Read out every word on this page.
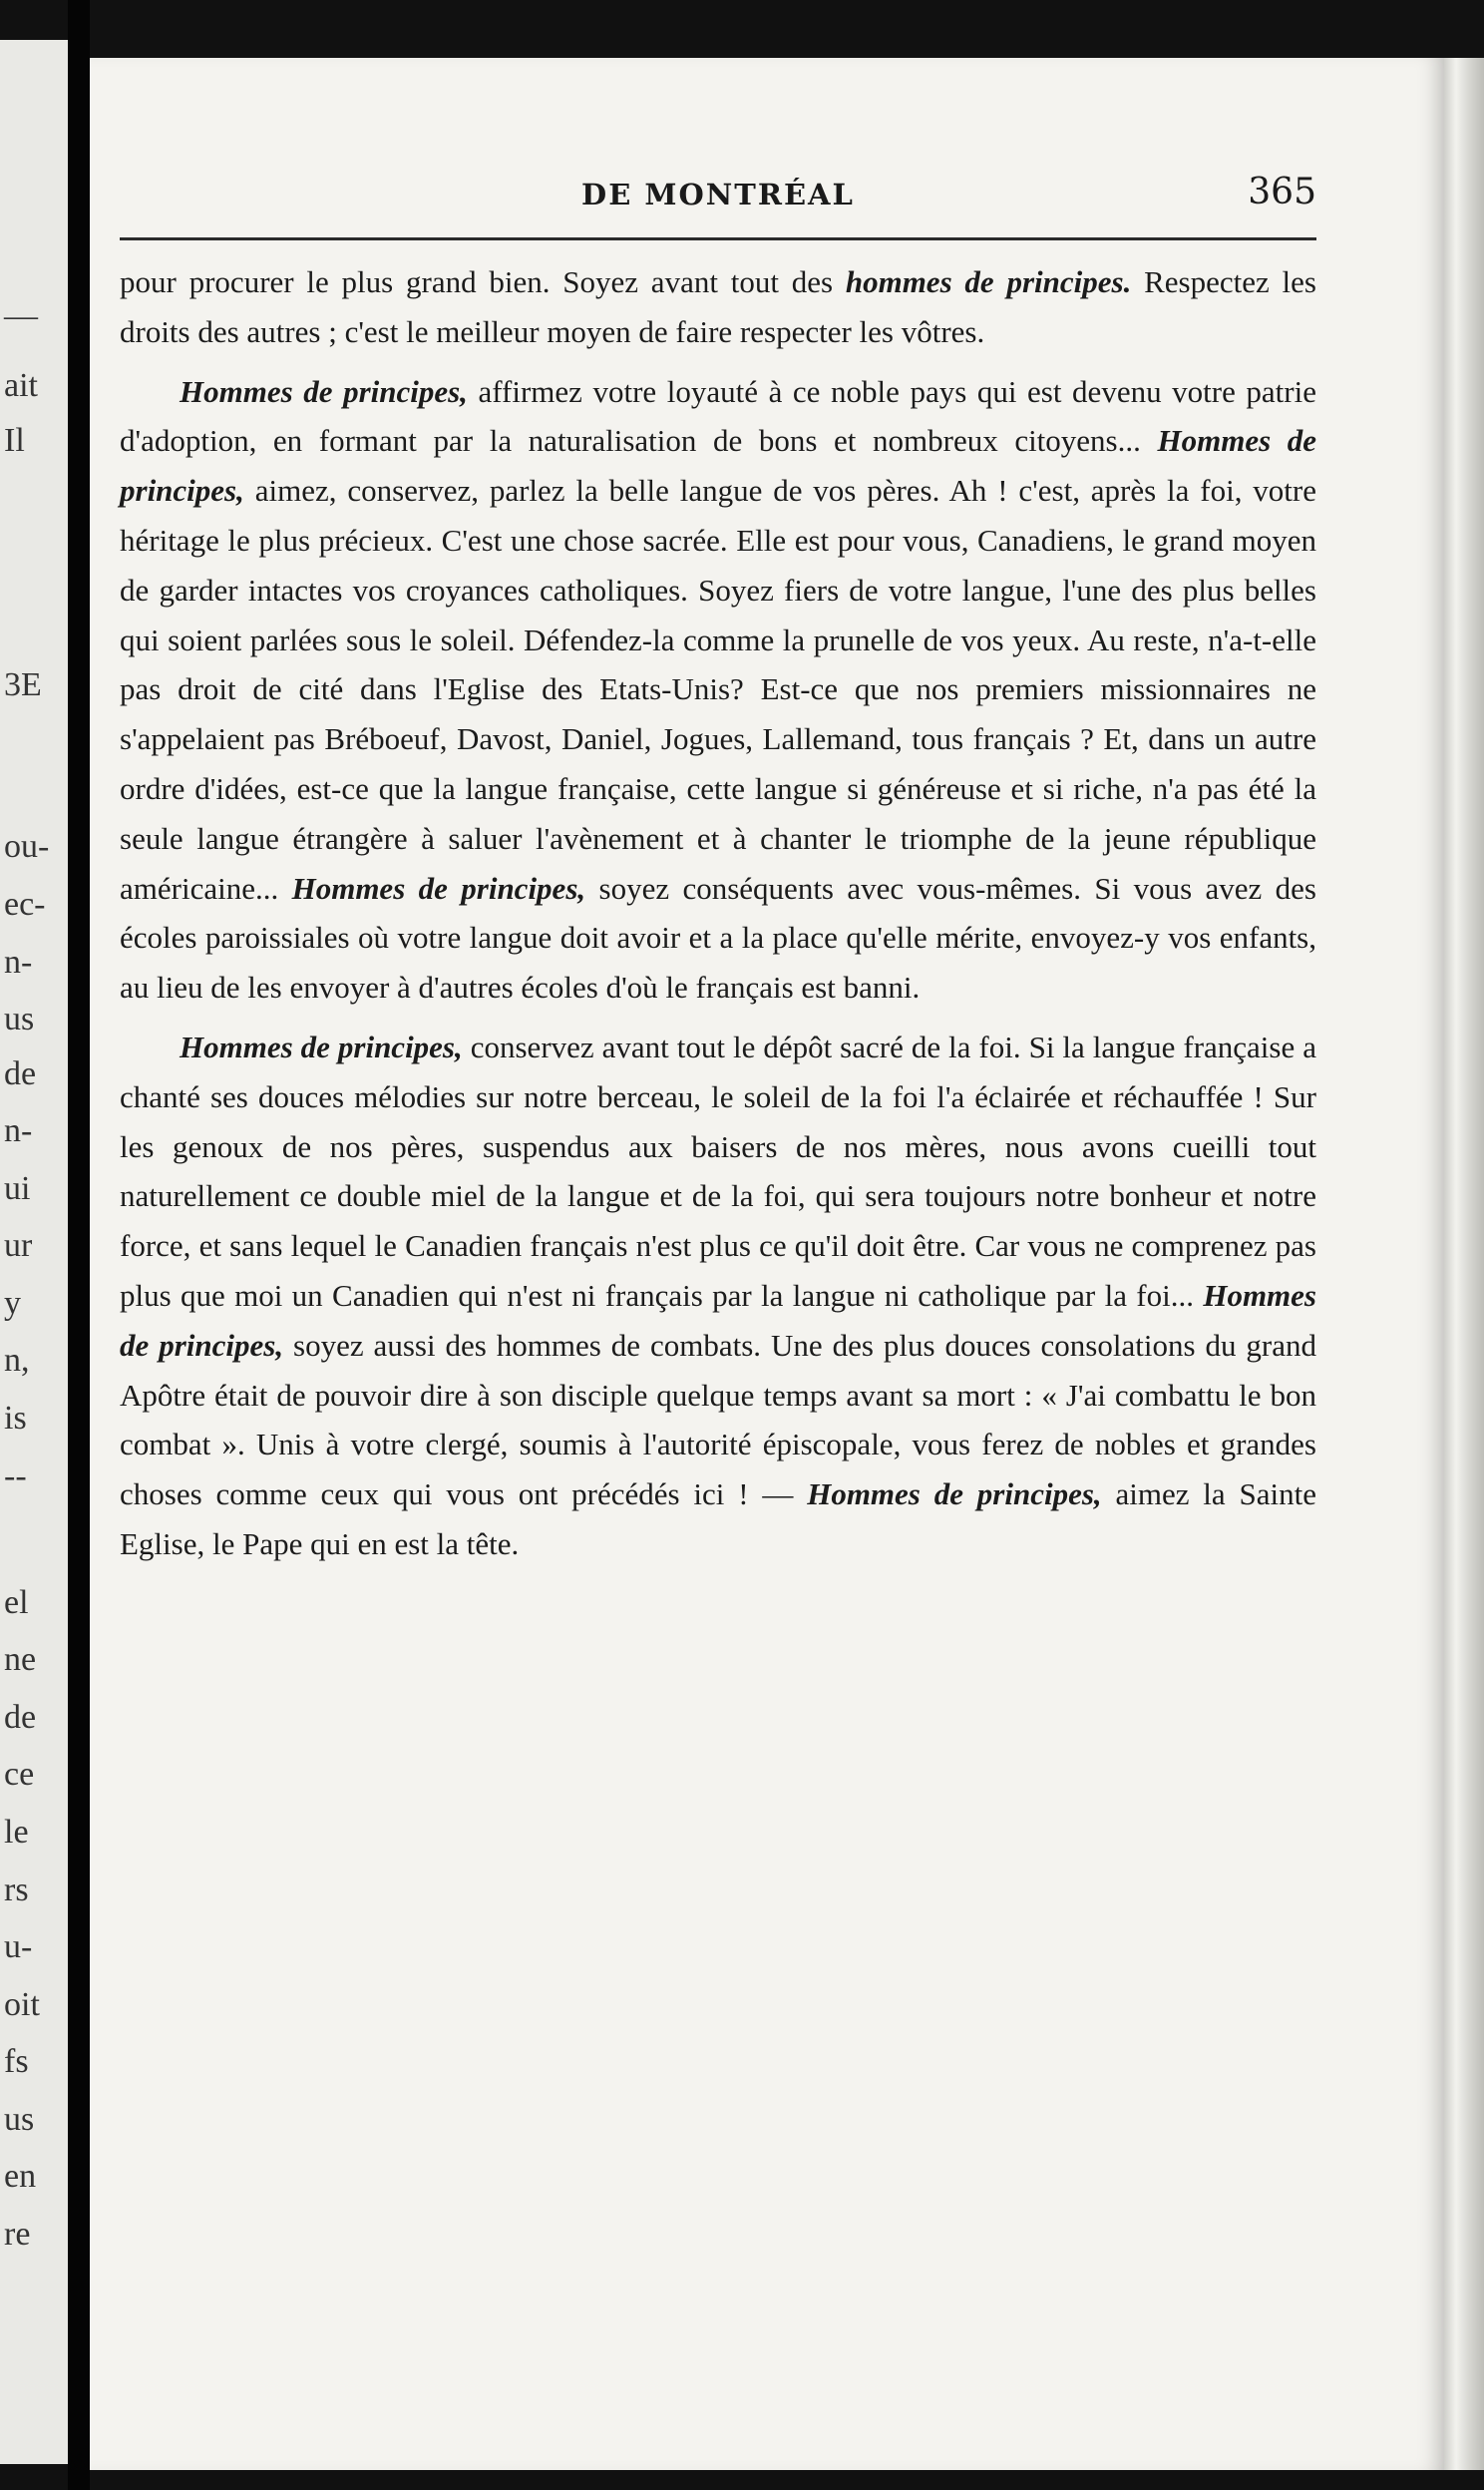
—
ait
Il
3E
ou-
ec-
n-
us
de
n-
ui
ur
y
n,
is
--
el
ne
de
ce
le
rs
u-
oit
fs
us
en
re
DE MONTRÉAL	365

pour procurer le plus grand bien. Soyez avant tout des hommes de principes. Respectez les droits des autres ; c'est le meilleur moyen de faire respecter les vôtres.

Hommes de principes, affirmez votre loyauté à ce noble pays qui est devenu votre patrie d'adoption, en formant par la naturalisation de bons et nombreux citoyens... Hommes de principes, aimez, conservez, parlez la belle langue de vos pères. Ah ! c'est, après la foi, votre héritage le plus précieux. C'est une chose sacrée. Elle est pour vous, Canadiens, le grand moyen de garder intactes vos croyances catholiques. Soyez fiers de votre langue, l'une des plus belles qui soient parlées sous le soleil. Défendez-la comme la prunelle de vos yeux. Au reste, n'a-t-elle pas droit de cité dans l'Eglise des Etats-Unis? Est-ce que nos premiers missionnaires ne s'appelaient pas Bréboeuf, Davost, Daniel, Jogues, Lallemand, tous français ? Et, dans un autre ordre d'idées, est-ce que la langue française, cette langue si généreuse et si riche, n'a pas été la seule langue étrangère à saluer l'avènement et à chanter le triomphe de la jeune république américaine... Hommes de principes, soyez conséquents avec vous-mêmes. Si vous avez des écoles paroissiales où votre langue doit avoir et a la place qu'elle mérite, envoyez-y vos enfants, au lieu de les envoyer à d'autres écoles d'où le français est banni.

Hommes de principes, conservez avant tout le dépôt sacré de la foi. Si la langue française a chanté ses douces mélodies sur notre berceau, le soleil de la foi l'a éclairée et réchauffée ! Sur les genoux de nos pères, suspendus aux baisers de nos mères, nous avons cueilli tout naturellement ce double miel de la langue et de la foi, qui sera toujours notre bonheur et notre force, et sans lequel le Canadien français n'est plus ce qu'il doit être. Car vous ne comprenez pas plus que moi un Canadien qui n'est ni français par la langue ni catholique par la foi... Hommes de principes, soyez aussi des hommes de combats. Une des plus douces consolations du grand Apôtre était de pouvoir dire à son disciple quelque temps avant sa mort : « J'ai combattu le bon combat ». Unis à votre clergé, soumis à l'autorité épiscopale, vous ferez de nobles et grandes choses comme ceux qui vous ont précédés ici ! — Hommes de principes, aimez la Sainte Eglise, le Pape qui en est la tête.
